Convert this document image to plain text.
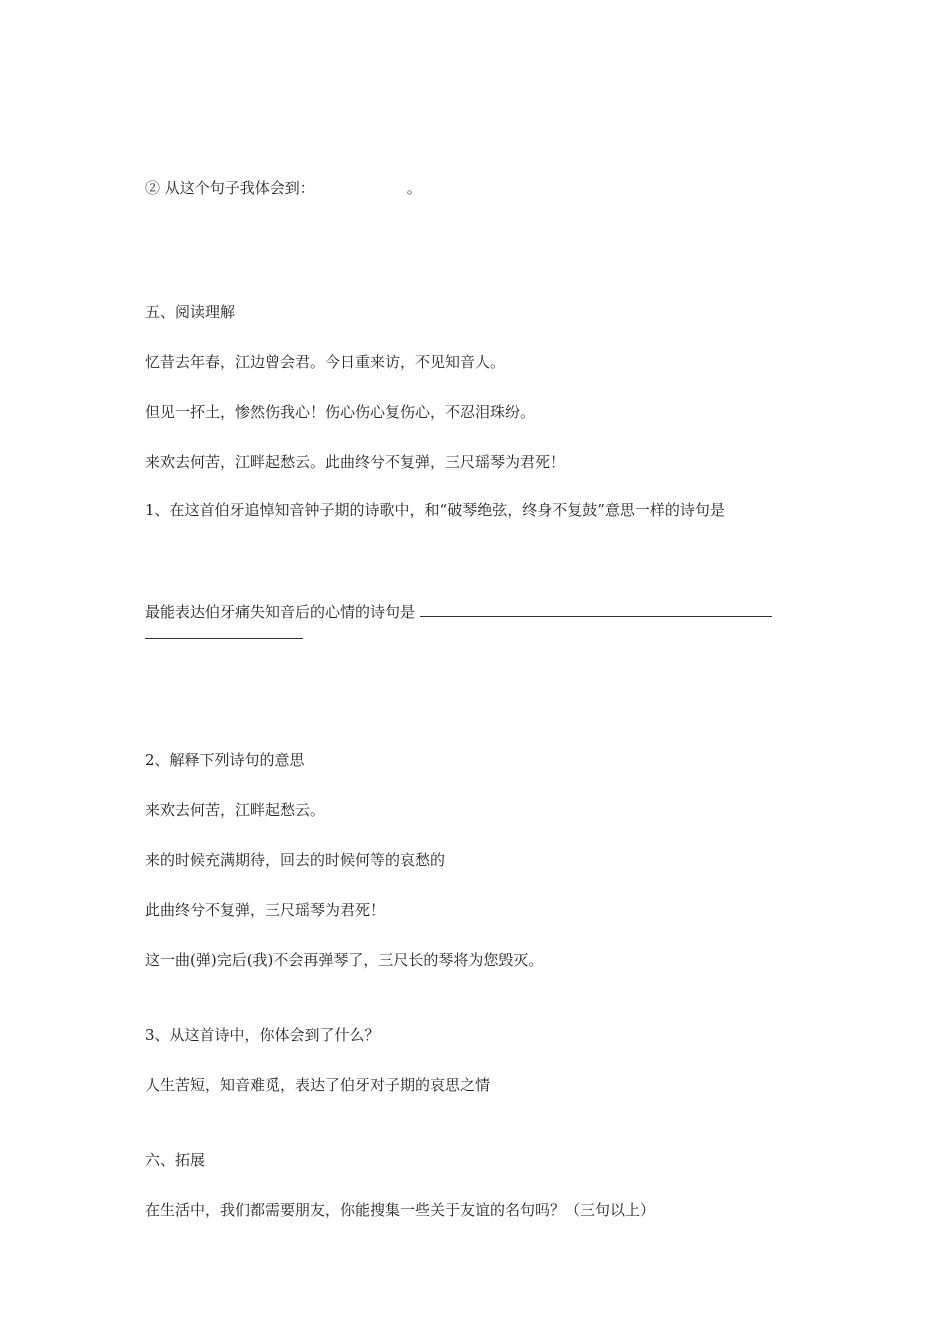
② 从这个句子我体会到：	。

五、阅读理解

忆昔去年春，江边曾会君。今日重来访，不见知音人。

但见一抔土，惨然伤我心！伤心伤心复伤心，不忍泪珠纷。

来欢去何苦，江畔起愁云。此曲终兮不复弹，三尺瑶琴为君死！

1、在这首伯牙追悼知音钟子期的诗歌中，和“破琴绝弦，终身不复鼓”意思一样的诗句是

最能表达伯牙痛失知音后的心情的诗句是

2、解释下列诗句的意思

来欢去何苦，江畔起愁云。

来的时候充满期待，回去的时候何等的哀愁的

此曲终兮不复弹，三尺瑶琴为君死！

这一曲(弹)完后(我)不会再弹琴了，三尺长的琴将为您毁灭。

3、从这首诗中，你体会到了什么？

人生苦短，知音难觅，表达了伯牙对子期的哀思之情

六、拓展

在生活中，我们都需要朋友，你能搜集一些关于友谊的名句吗？（三句以上）
